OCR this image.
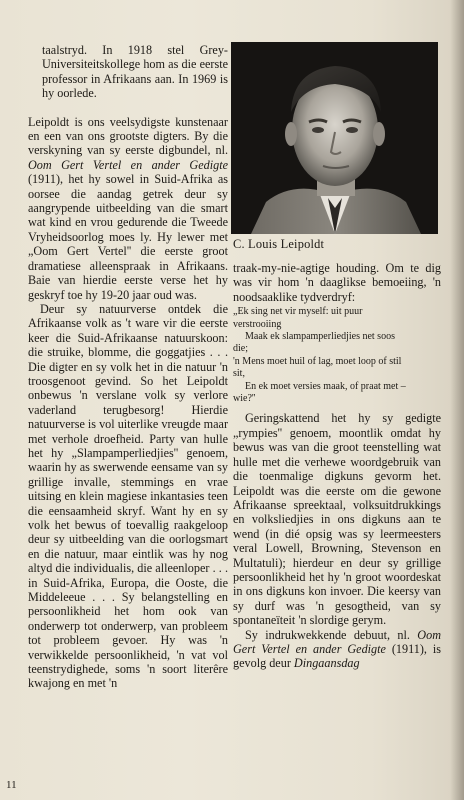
taalstryd. In 1918 stel Grey-Universiteitskollege hom as die eerste professor in Afrikaans aan. In 1969 is hy oorlede.

Leipoldt is ons veelsydigste kunstenaar en een van ons grootste digters. By die verskyning van sy eerste digbundel, nl. Oom Gert Vertel en ander Gedigte (1911), het hy sowel in Suid-Afrika as oorsee die aandag getrek deur sy aangrypende uitbeelding van die smart wat kind en vrou gedurende die Tweede Vryheidsoorlog moes ly. Hy lewer met „Oom Gert Vertel'' die eerste groot dramatiese alleenspraak in Afrikaans. Baie van hierdie eerste verse het hy geskryf toe hy 19-20 jaar oud was.

Deur sy natuurverse ontdek die Afrikaanse volk as 't ware vir die eerste keer die Suid-Afrikaanse natuurskoon: die struike, blomme, die goggatjies . . . Die digter en sy volk het in die natuur 'n troosgenoot gevind. So het Leipoldt onbewus 'n verslane volk sy verlore vaderland terugbesorg! Hierdie natuurverse is vol uiterlike vreugde maar met verhole droefheid. Party van hulle het hy „Slampamperliedjies'' genoem, waarin hy as swerwende eensame van sy grillige invalle, stemmings en vrae uitsing en klein magiese inkantasies teen die eensaamheid skryf. Want hy en sy volk het bewus of toevallig raakgeloop deur sy uitbeelding van die oorlogsmart en die natuur, maar eintlik was hy nog altyd die individualis, die alleenloper . . . in Suid-Afrika, Europa, die Ooste, die Middeleeue . . . Sy belangstelling en persoonlikheid het hom ook van onderwerp tot onderwerp, van probleem tot probleem gevoer. Hy was 'n verwikkelde persoonlikheid, 'n vat vol teenstrydighede, soms 'n soort literêre kwajong en met 'n

C. Louis Leipoldt

traak-my-nie-agtige houding. Om te dig was vir hom 'n daaglikse bemoeiing, 'n noodsaaklike tydverdryf:

„Ek sing net vir myself: uit puur
verstrooiing
Maak ek slampamperliedjies net soos
die;
'n Mens moet huil of lag, moet loop of stil
sit,
En ek moet versies maak, of praat met –
wie?''

Geringskattend het hy sy gedigte „rympies'' genoem, moontlik omdat hy bewus was van die groot teenstelling wat hulle met die verhewe woordgebruik van die toenmalige digkuns gevorm het. Leipoldt was die eerste om die gewone Afrikaanse spreektaal, volksuitdrukkings en volksliedjies in ons digkuns aan te wend (in dié opsig was sy leermeesters veral Lowell, Browning, Stevenson en Multatuli); hierdeur en deur sy grillige persoonlikheid het hy 'n groot woordeskat in ons digkuns kon invoer. Die keersy van sy durf was 'n gesogtheid, van sy spontaneïteit 'n slordige gerym.

Sy indrukwekkende debuut, nl. Oom Gert Vertel en ander Gedigte (1911), is gevolg deur Dingaansdag

11
